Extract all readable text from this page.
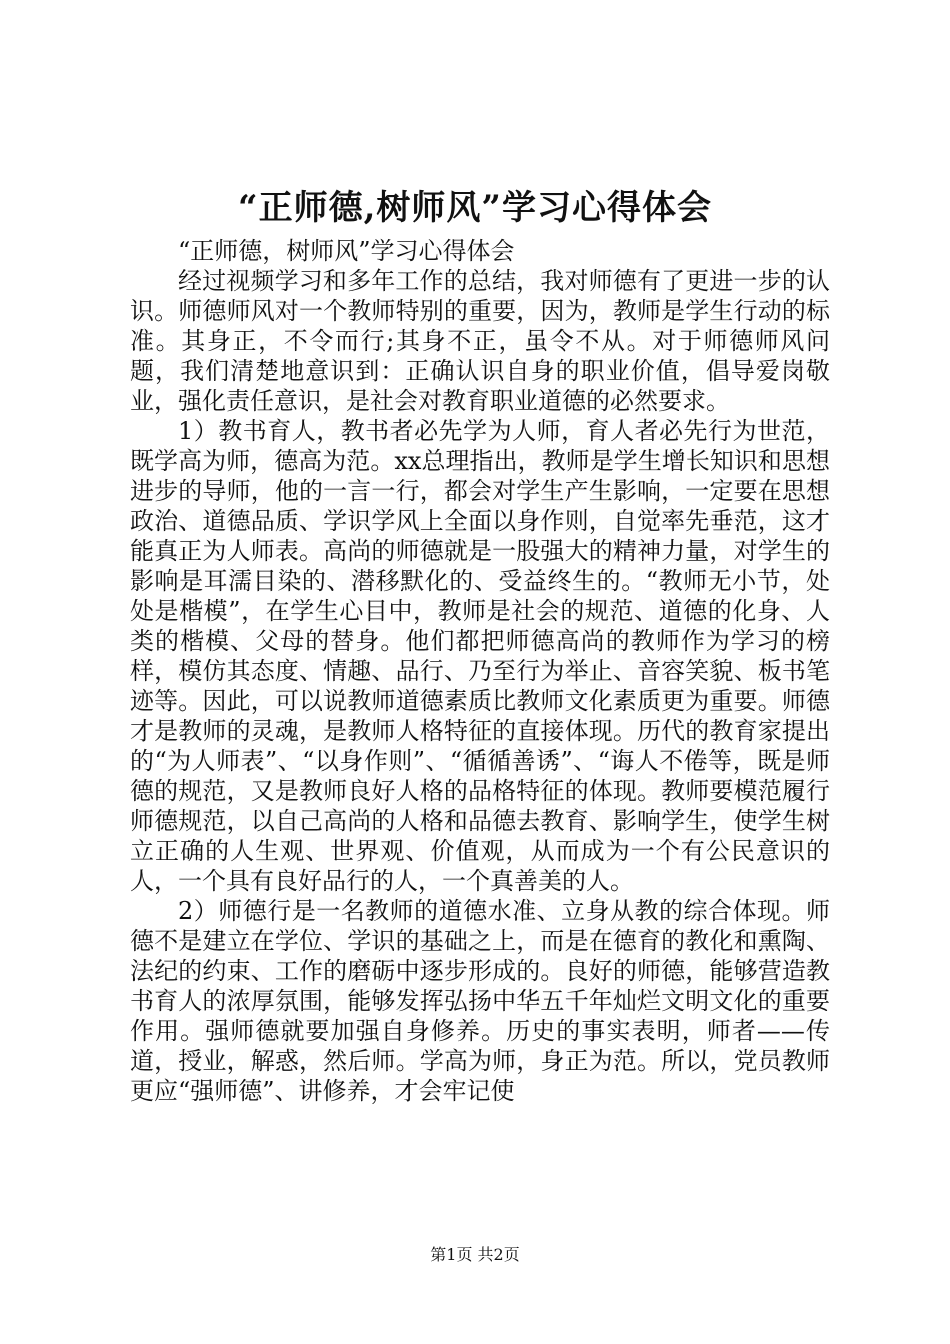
“正师德,树师风”学习心得体会

“正师德，树师风”学习心得体会

经过视频学习和多年工作的总结，我对师德有了更进一步的认识。师德师风对一个教师特别的重要，因为，教师是学生行动的标准。其身正，不令而行;其身不正，虽令不从。对于师德师风问题，我们清楚地意识到：正确认识自身的职业价值，倡导爱岗敬业，强化责任意识，是社会对教育职业道德的必然要求。

1）教书育人，教书者必先学为人师，育人者必先行为世范，既学高为师，德高为范。xx总理指出，教师是学生增长知识和思想进步的导师，他的一言一行，都会对学生产生影响，一定要在思想政治、道德品质、学识学风上全面以身作则，自觉率先垂范，这才能真正为人师表。高尚的师德就是一股强大的精神力量，对学生的影响是耳濡目染的、潜移默化的、受益终生的。“教师无小节，处处是楷模”，在学生心目中，教师是社会的规范、道德的化身、人类的楷模、父母的替身。他们都把师德高尚的教师作为学习的榜样，模仿其态度、情趣、品行、乃至行为举止、音容笑貌、板书笔迹等。因此，可以说教师道德素质比教师文化素质更为重要。师德才是教师的灵魂，是教师人格特征的直接体现。历代的教育家提出的“为人师表”、“以身作则”、“循循善诱”、“诲人不倦等，既是师德的规范，又是教师良好人格的品格特征的体现。教师要模范履行师德规范，以自己高尚的人格和品德去教育、影响学生，使学生树立正确的人生观、世界观、价值观，从而成为一个有公民意识的人，一个具有良好品行的人，一个真善美的人。

2）师德行是一名教师的道德水准、立身从教的综合体现。师德不是建立在学位、学识的基础之上，而是在德育的教化和熏陶、法纪的约束、工作的磨砺中逐步形成的。良好的师德，能够营造教书育人的浓厚氛围，能够发挥弘扬中华五千年灿烂文明文化的重要作用。强师德就要加强自身修养。历史的事实表明，师者——传道，授业，解惑，然后师。学高为师，身正为范。所以，党员教师更应“强师德”、讲修养，才会牢记使

第1页 共2页
